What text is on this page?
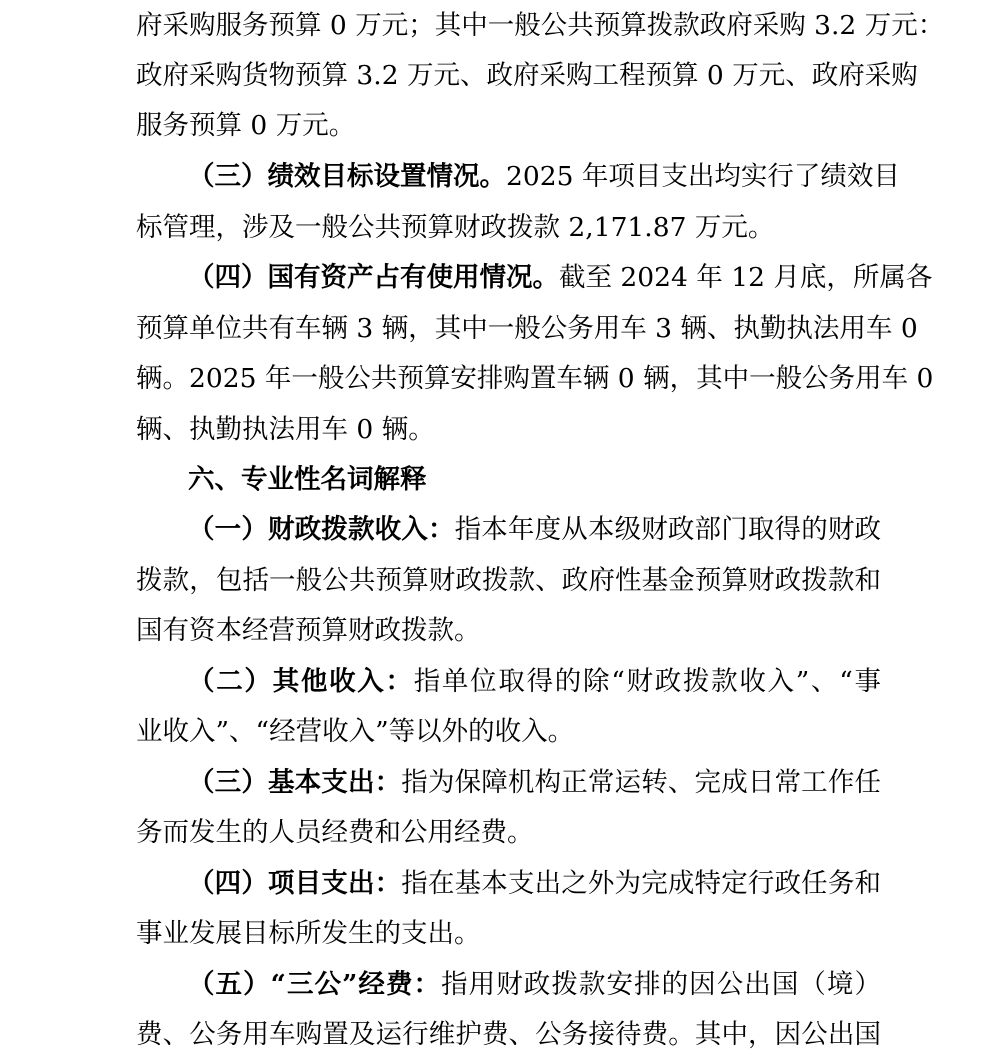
府采购服务预算 0 万元；其中一般公共预算拨款政府采购 3.2 万元：
政府采购货物预算 3.2 万元、政府采购工程预算 0 万元、政府采购
服务预算 0 万元。
（三）绩效目标设置情况。2025 年项目支出均实行了绩效目
标管理，涉及一般公共预算财政拨款 2,171.87 万元。
（四）国有资产占有使用情况。截至 2024 年 12 月底，所属各
预算单位共有车辆 3 辆，其中一般公务用车 3 辆、执勤执法用车 0
辆。2025 年一般公共预算安排购置车辆 0 辆，其中一般公务用车 0
辆、执勤执法用车 0 辆。
六、专业性名词解释
（一）财政拨款收入：指本年度从本级财政部门取得的财政
拨款，包括一般公共预算财政拨款、政府性基金预算财政拨款和
国有资本经营预算财政拨款。
（二）其他收入：指单位取得的除“财政拨款收入”、“事
业收入”、“经营收入”等以外的收入。
（三）基本支出：指为保障机构正常运转、完成日常工作任
务而发生的人员经费和公用经费。
（四）项目支出：指在基本支出之外为完成特定行政任务和
事业发展目标所发生的支出。
（五）“三公”经费：指用财政拨款安排的因公出国（境）
费、公务用车购置及运行维护费、公务接待费。其中，因公出国
